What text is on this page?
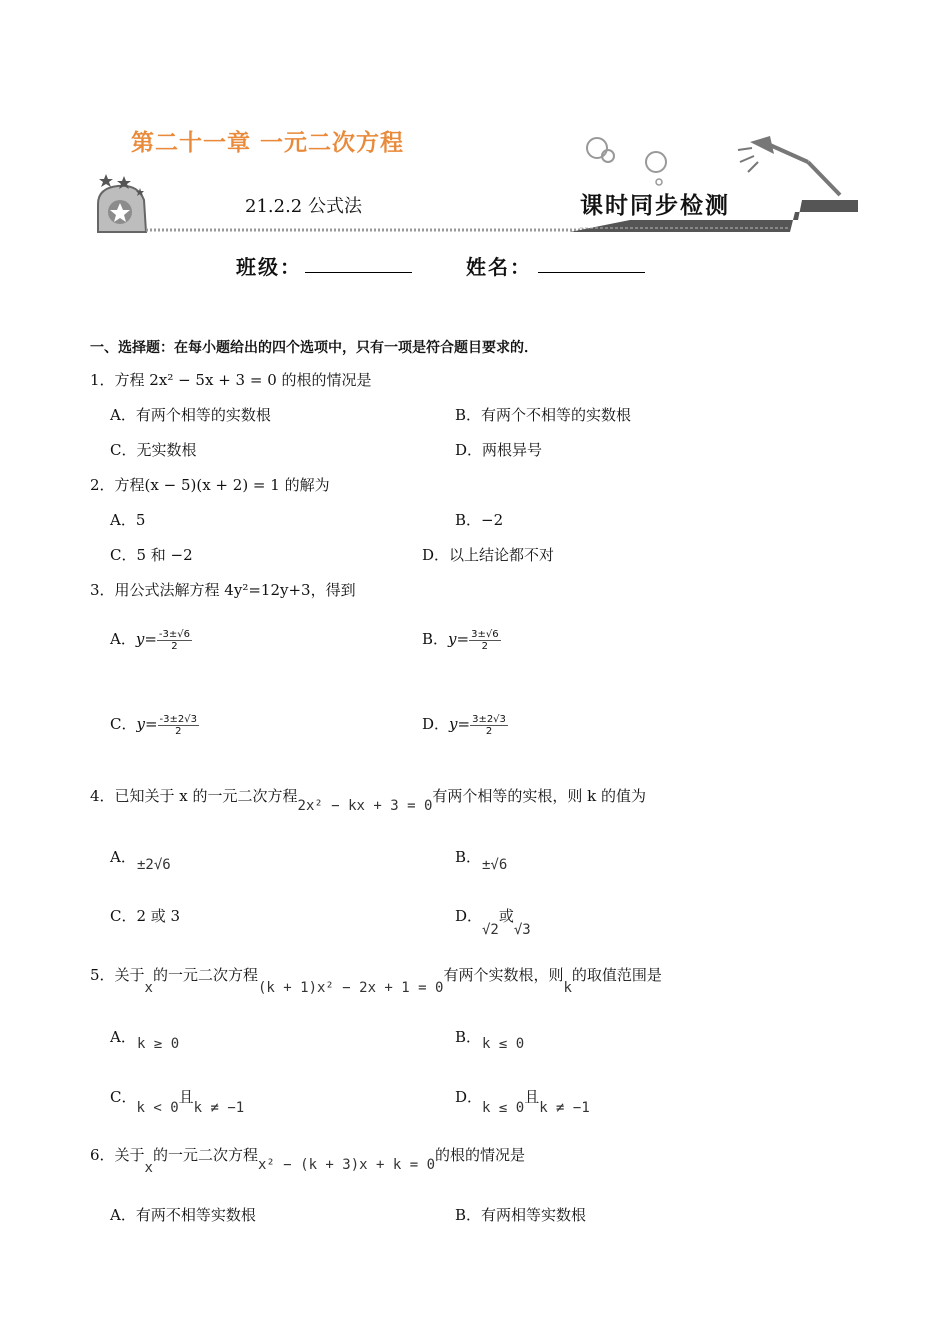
第二十一章 一元二次方程
21.2.2 公式法	课时同步检测
班级：	姓名：
一、选择题：在每小题给出的四个选项中，只有一项是符合题目要求的．
1．方程 2x² − 5x + 3 = 0 的根的情况是
A．有两个相等的实数根	B．有两个不相等的实数根
C．无实数根	D．两根异号
2．方程(x − 5)(x + 2) = 1 的解为
A．5	B．−2
C．5 和 −2	D．以上结论都不对
3．用公式法解方程 4y²=12y+3，得到
A．$y= \frac{-3\pm√6}{2}$	B．$y= \frac{3\pm√6}{2}$
C．$y= \frac{-3\pm 2√3}{2}$	D．$y= \frac{3\pm 2√3}{2}$
4．已知关于 x 的一元二次方程2x² − kx + 3 = 0有两个相等的实根，则 k 的值为
A． ±2√6	B． ±√6
C．2 或 3	D．
√2或√3
5．关于x的一元二次方程(k + 1)x² − 2x + 1 = 0有两个实数根，则k的取值范围是
A． k ≥ 0	B． k ≤ 0
C．k < 0且k ≠ −1
D．k ≤ 0且k ≠ −1
6．关于x的一元二次方程x² − (k + 3)x + k = 0的根的情况是
A．有两不相等实数根	B．有两相等实数根
